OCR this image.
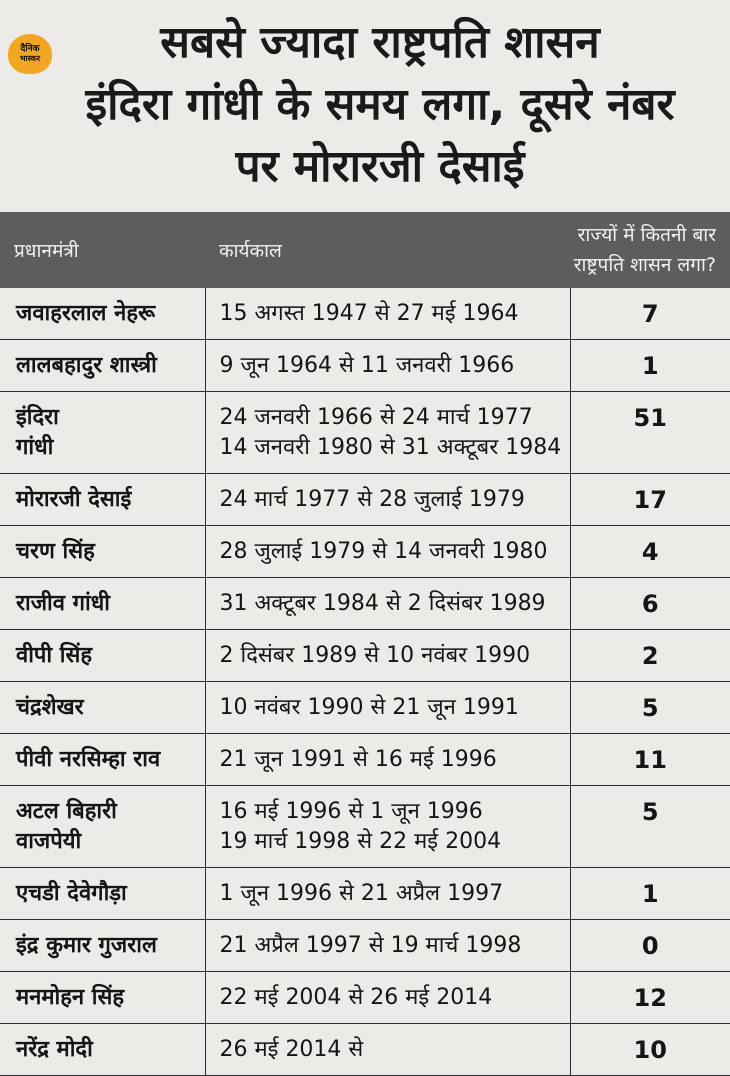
दैनिक
भास्कर	सबसे ज्यादा राष्ट्रपति शासन
इंदिरा गांधी के समय लगा, दूसरे नंबर
पर मोरारजी देसाई
प्रधानमंत्री	कार्यकाल	राज्यों में कितनी बार
राष्ट्रपति शासन लगा?

जवाहरलाल नेहरू	15 अगस्त 1947 से 27 मई 1964	7

लालबहादुर शास्त्री	9 जून 1964 से 11 जनवरी 1966	1

इंदिरा
गांधी	24 जनवरी 1966 से 24 मार्च 1977
14 जनवरी 1980 से 31 अक्टूबर 1984	51

मोरारजी देसाई	24 मार्च 1977 से 28 जुलाई 1979	17

चरण सिंह	28 जुलाई 1979 से 14 जनवरी 1980	4

राजीव गांधी	31 अक्टूबर 1984 से 2 दिसंबर 1989	6

वीपी सिंह	2 दिसंबर 1989 से 10 नवंबर 1990	2

चंद्रशेखर	10 नवंबर 1990 से 21 जून 1991	5

पीवी नरसिम्हा राव	21 जून 1991 से 16 मई 1996	11

अटल बिहारी
वाजपेयी	16 मई 1996 से 1 जून 1996
19 मार्च 1998 से 22 मई 2004	5

एचडी देवेगौड़ा	1 जून 1996 से 21 अप्रैल 1997	1

इंद्र कुमार गुजराल	21 अप्रैल 1997 से 19 मार्च 1998	0

मनमोहन सिंह	22 मई 2004 से 26 मई 2014	12

नरेंद्र मोदी	26 मई 2014 से	10
